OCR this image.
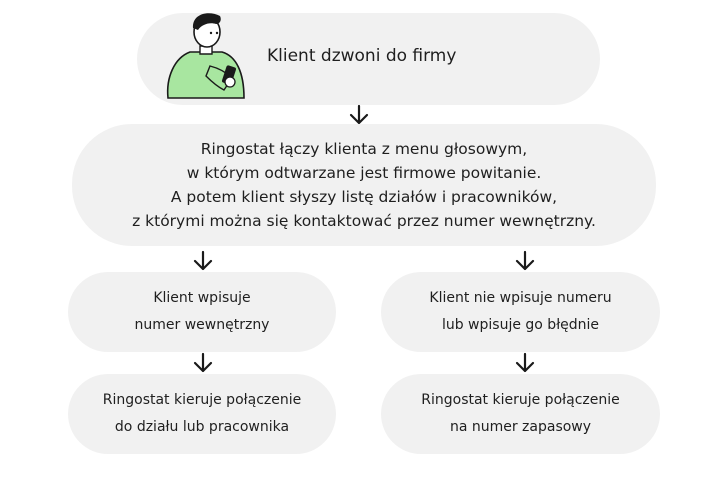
Klient dzwoni do firmy
Ringostat łączy klienta z menu głosowym,
w którym odtwarzane jest firmowe powitanie.
A potem klient słyszy listę działów i pracowników,
z którymi można się kontaktować przez numer wewnętrzny.
Klient wpisuje
numer wewnętrzny
Klient nie wpisuje numeru
lub wpisuje go błędnie
Ringostat kieruje połączenie
do działu lub pracownika
Ringostat kieruje połączenie
na numer zapasowy
